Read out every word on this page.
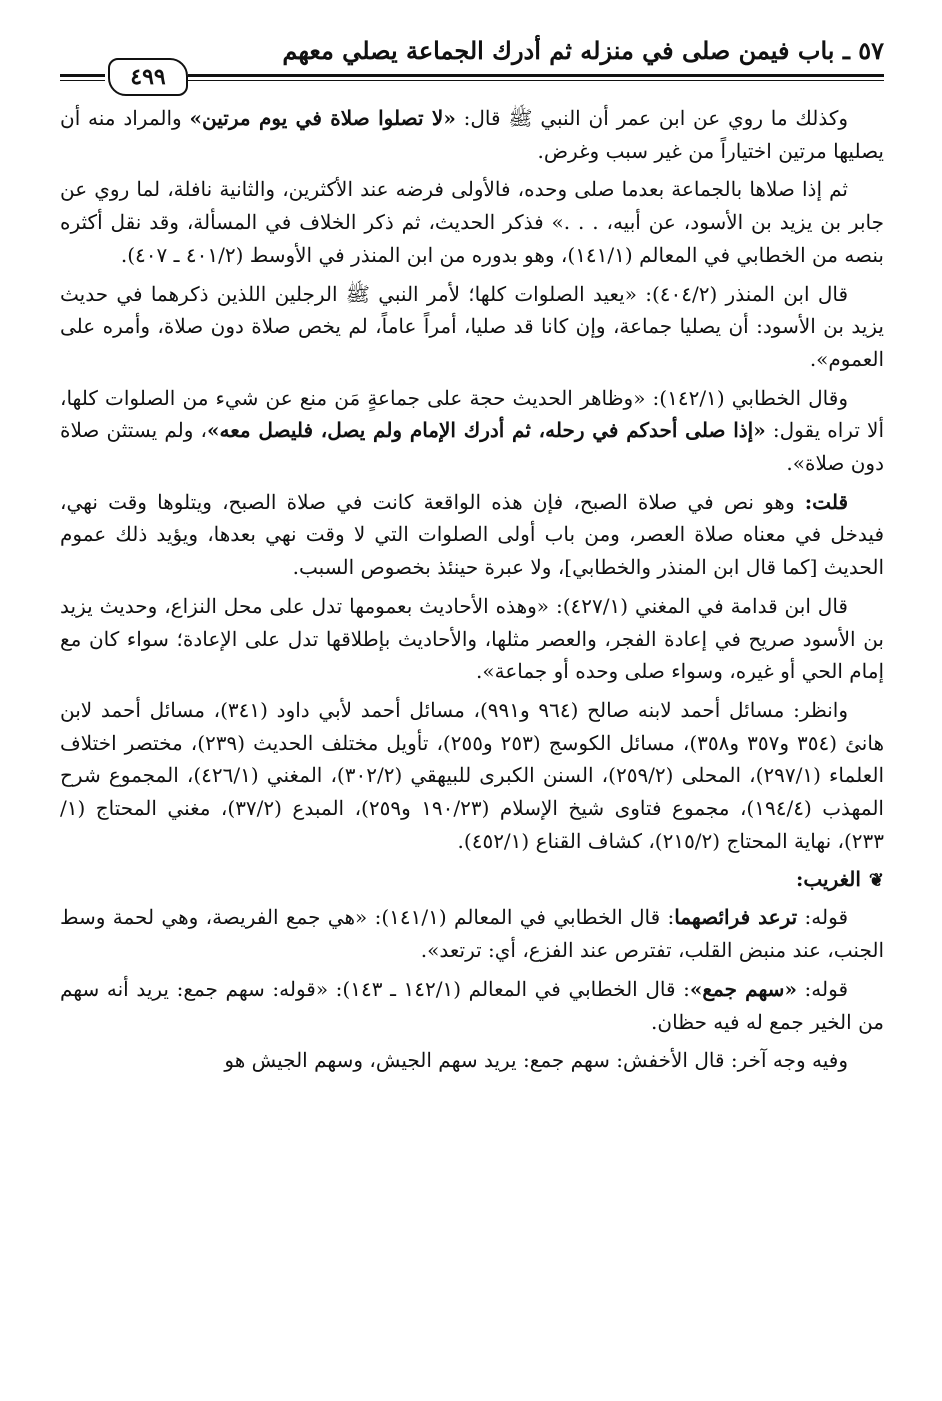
٥٧ ـ باب فيمن صلى في منزله ثم أدرك الجماعة يصلي معهم
٤٩٩

وكذلك ما روي عن ابن عمر أن النبي ﷺ قال: «لا تصلوا صلاة في يوم مرتين» والمراد منه أن يصليها مرتين اختياراً من غير سبب وغرض.

ثم إذا صلاها بالجماعة بعدما صلى وحده، فالأولى فرضه عند الأكثرين، والثانية نافلة، لما روي عن جابر بن يزيد بن الأسود، عن أبيه، . . .» فذكر الحديث، ثم ذكر الخلاف في المسألة، وقد نقل أكثره بنصه من الخطابي في المعالم (١٤١/١)، وهو بدوره من ابن المنذر في الأوسط (٤٠١/٢ ـ ٤٠٧).

قال ابن المنذر (٤٠٤/٢): «يعيد الصلوات كلها؛ لأمر النبي ﷺ الرجلين اللذين ذكرهما في حديث يزيد بن الأسود: أن يصليا جماعة، وإن كانا قد صليا، أمراً عاماً، لم يخص صلاة دون صلاة، وأمره على العموم».

وقال الخطابي (١٤٢/١): «وظاهر الحديث حجة على جماعةٍ مَن منع عن شيء من الصلوات كلها، ألا تراه يقول: «إذا صلى أحدكم في رحله، ثم أدرك الإمام ولم يصل، فليصل معه»، ولم يستثن صلاة دون صلاة».

قلت: وهو نص في صلاة الصبح، فإن هذه الواقعة كانت في صلاة الصبح، ويتلوها وقت نهي، فيدخل في معناه صلاة العصر، ومن باب أولى الصلوات التي لا وقت نهي بعدها، ويؤيد ذلك عموم الحديث [كما قال ابن المنذر والخطابي]، ولا عبرة حينئذ بخصوص السبب.

قال ابن قدامة في المغني (٤٢٧/١): «وهذه الأحاديث بعمومها تدل على محل النزاع، وحديث يزيد بن الأسود صريح في إعادة الفجر، والعصر مثلها، والأحاديث بإطلاقها تدل على الإعادة؛ سواء كان مع إمام الحي أو غيره، وسواء صلى وحده أو جماعة».

وانظر: مسائل أحمد لابنه صالح (٩٦٤ و٩٩١)، مسائل أحمد لأبي داود (٣٤١)، مسائل أحمد لابن هانئ (٣٥٤ و٣٥٧ و٣٥٨)، مسائل الكوسج (٢٥٣ و٢٥٥)، تأويل مختلف الحديث (٢٣٩)، مختصر اختلاف العلماء (٢٩٧/١)، المحلى (٢٥٩/٢)، السنن الكبرى للبيهقي (٣٠٢/٢)، المغني (٤٢٦/١)، المجموع شرح المهذب (١٩٤/٤)، مجموع فتاوى شيخ الإسلام (١٩٠/٢٣ و٢٥٩)، المبدع (٣٧/٢)، مغني المحتاج (١/ ٢٣٣)، نهاية المحتاج (٢١٥/٢)، كشاف القناع (٤٥٢/١).

❦الغريب:

قوله: ترعد فرائصهما: قال الخطابي في المعالم (١٤١/١): «هي جمع الفريصة، وهي لحمة وسط الجنب، عند منبض القلب، تفترص عند الفزع، أي: ترتعد».

قوله: «سهم جمع»: قال الخطابي في المعالم (١٤٢/١ ـ ١٤٣): «قوله: سهم جمع: يريد أنه سهم من الخير جمع له فيه حظان.

وفيه وجه آخر: قال الأخفش: سهم جمع: يريد سهم الجيش، وسهم الجيش هو
